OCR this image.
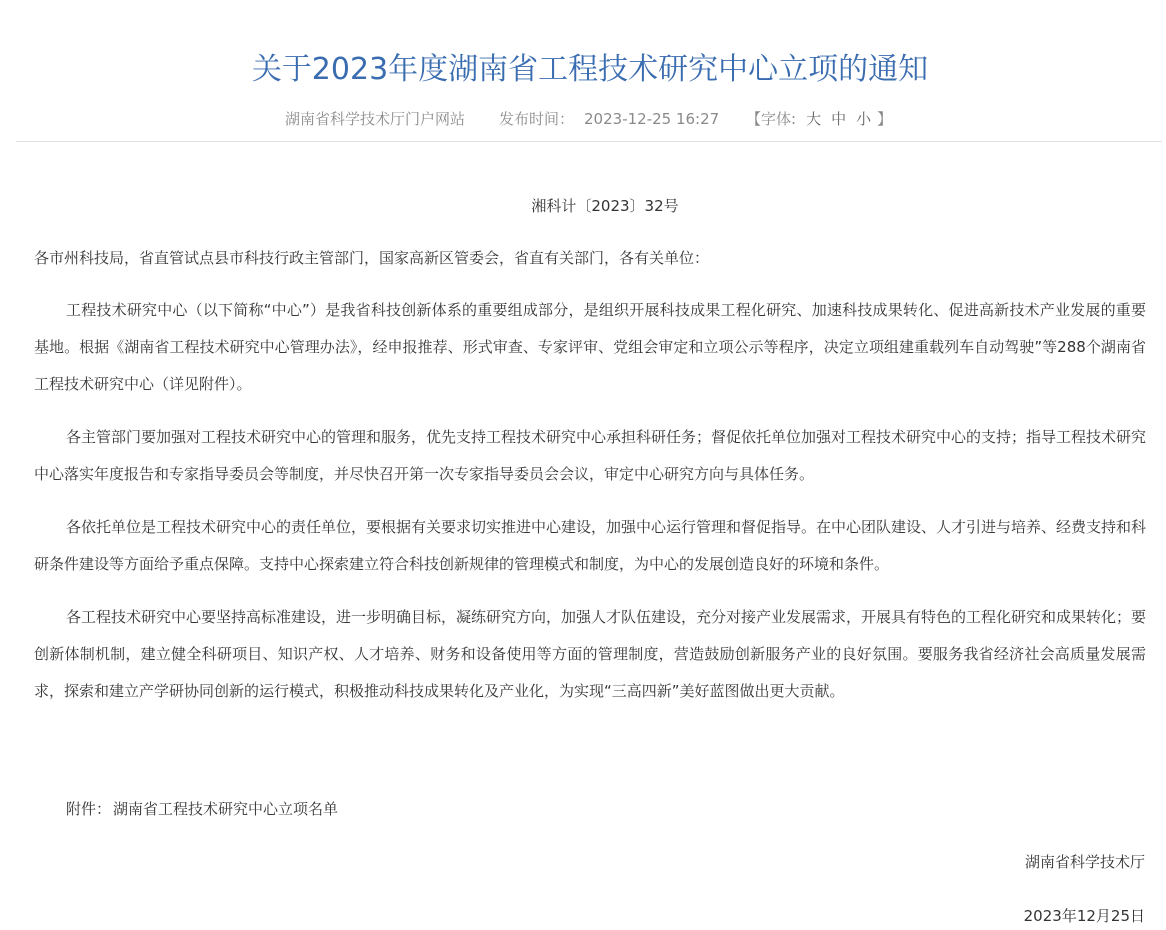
关于2023年度湖南省工程技术研究中心立项的通知
湖南省科学技术厅门户网站 发布时间： 2023-12-25 16:27 【字体: 大 中 小 】
湘科计〔2023〕32号

各市州科技局，省直管试点县市科技行政主管部门，国家高新区管委会，省直有关部门，各有关单位：

工程技术研究中心（以下简称“中心”）是我省科技创新体系的重要组成部分，是组织开展科技成果工程化研究、加速科技成果转化、促进高新技术产业发展的重要基地。根据《湖南省工程技术研究中心管理办法》，经申报推荐、形式审查、专家评审、党组会审定和立项公示等程序，决定立项组建重载列车自动驾驶”等288个湖南省工程技术研究中心（详见附件）。

各主管部门要加强对工程技术研究中心的管理和服务，优先支持工程技术研究中心承担科研任务；督促依托单位加强对工程技术研究中心的支持；指导工程技术研究中心落实年度报告和专家指导委员会等制度，并尽快召开第一次专家指导委员会会议，审定中心研究方向与具体任务。

各依托单位是工程技术研究中心的责任单位，要根据有关要求切实推进中心建设，加强中心运行管理和督促指导。在中心团队建设、人才引进与培养、经费支持和科研条件建设等方面给予重点保障。支持中心探索建立符合科技创新规律的管理模式和制度，为中心的发展创造良好的环境和条件。

各工程技术研究中心要坚持高标准建设，进一步明确目标，凝练研究方向，加强人才队伍建设，充分对接产业发展需求，开展具有特色的工程化研究和成果转化；要创新体制机制，建立健全科研项目、知识产权、人才培养、财务和设备使用等方面的管理制度，营造鼓励创新服务产业的良好氛围。要服务我省经济社会高质量发展需求，探索和建立产学研协同创新的运行模式，积极推动科技成果转化及产业化，为实现“三高四新”美好蓝图做出更大贡献。

附件： 湖南省工程技术研究中心立项名单
湖南省科学技术厅
2023年12月25日
